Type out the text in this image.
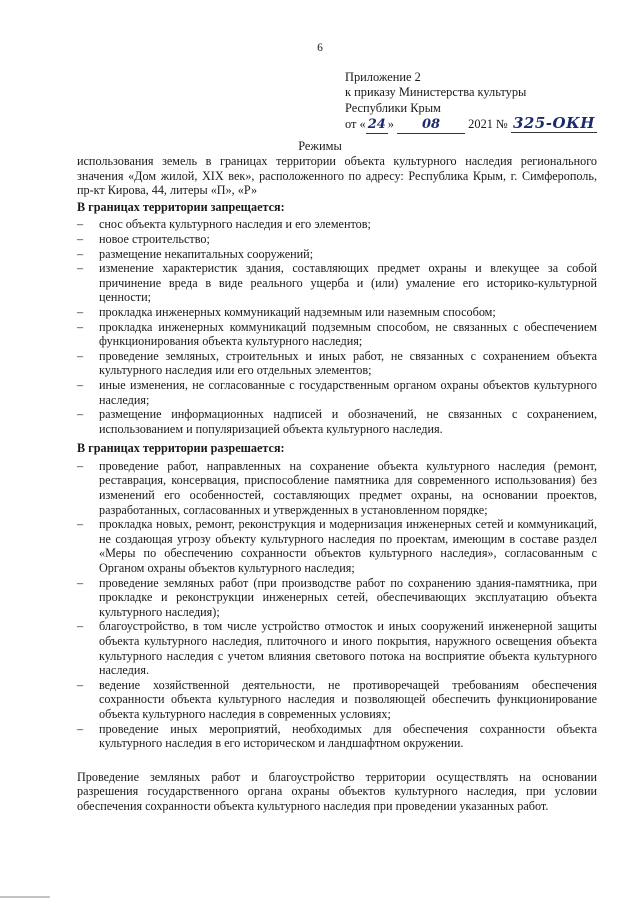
6
Приложение 2
к приказу Министерства культуры
Республики Крым
от « 24 » 08 2021 № 325-ОКН
Режимы
использования земель в границах территории объекта культурного наследия регионального значения «Дом жилой, XIX век», расположенного по адресу: Республика Крым, г. Симферополь, пр-кт Кирова, 44, литеры «П», «Р»
В границах территории запрещается:
– снос объекта культурного наследия и его элементов;
– новое строительство;
– размещение некапитальных сооружений;
– изменение характеристик здания, составляющих предмет охраны и влекущее за собой причинение вреда в виде реального ущерба и (или) умаление его историко-культурной ценности;
– прокладка инженерных коммуникаций надземным или наземным способом;
– прокладка инженерных коммуникаций подземным способом, не связанных с обеспечением функционирования объекта культурного наследия;
– проведение земляных, строительных и иных работ, не связанных с сохранением объекта культурного наследия или его отдельных элементов;
– иные изменения, не согласованные с государственным органом охраны объектов культурного наследия;
– размещение информационных надписей и обозначений, не связанных с сохранением, использованием и популяризацией объекта культурного наследия.
В границах территории разрешается:
– проведение работ, направленных на сохранение объекта культурного наследия (ремонт, реставрация, консервация, приспособление памятника для современного использования) без изменений его особенностей, составляющих предмет охраны, на основании проектов, разработанных, согласованных и утвержденных в установленном порядке;
– прокладка новых, ремонт, реконструкция и модернизация инженерных сетей и коммуникаций, не создающая угрозу объекту культурного наследия по проектам, имеющим в составе раздел «Меры по обеспечению сохранности объектов культурного наследия», согласованным с Органом охраны объектов культурного наследия;
– проведение земляных работ (при производстве работ по сохранению здания-памятника, при прокладке и реконструкции инженерных сетей, обеспечивающих эксплуатацию объекта культурного наследия);
– благоустройство, в том числе устройство отмосток и иных сооружений инженерной защиты объекта культурного наследия, плиточного и иного покрытия, наружного освещения объекта культурного наследия с учетом влияния светового потока на восприятие объекта культурного наследия.
– ведение хозяйственной деятельности, не противоречащей требованиям обеспечения сохранности объекта культурного наследия и позволяющей обеспечить функционирование объекта культурного наследия в современных условиях;
– проведение иных мероприятий, необходимых для обеспечения сохранности объекта культурного наследия в его историческом и ландшафтном окружении.
Проведение земляных работ и благоустройство территории осуществлять на основании разрешения государственного органа охраны объектов культурного наследия, при условии обеспечения сохранности объекта культурного наследия при проведении указанных работ.
